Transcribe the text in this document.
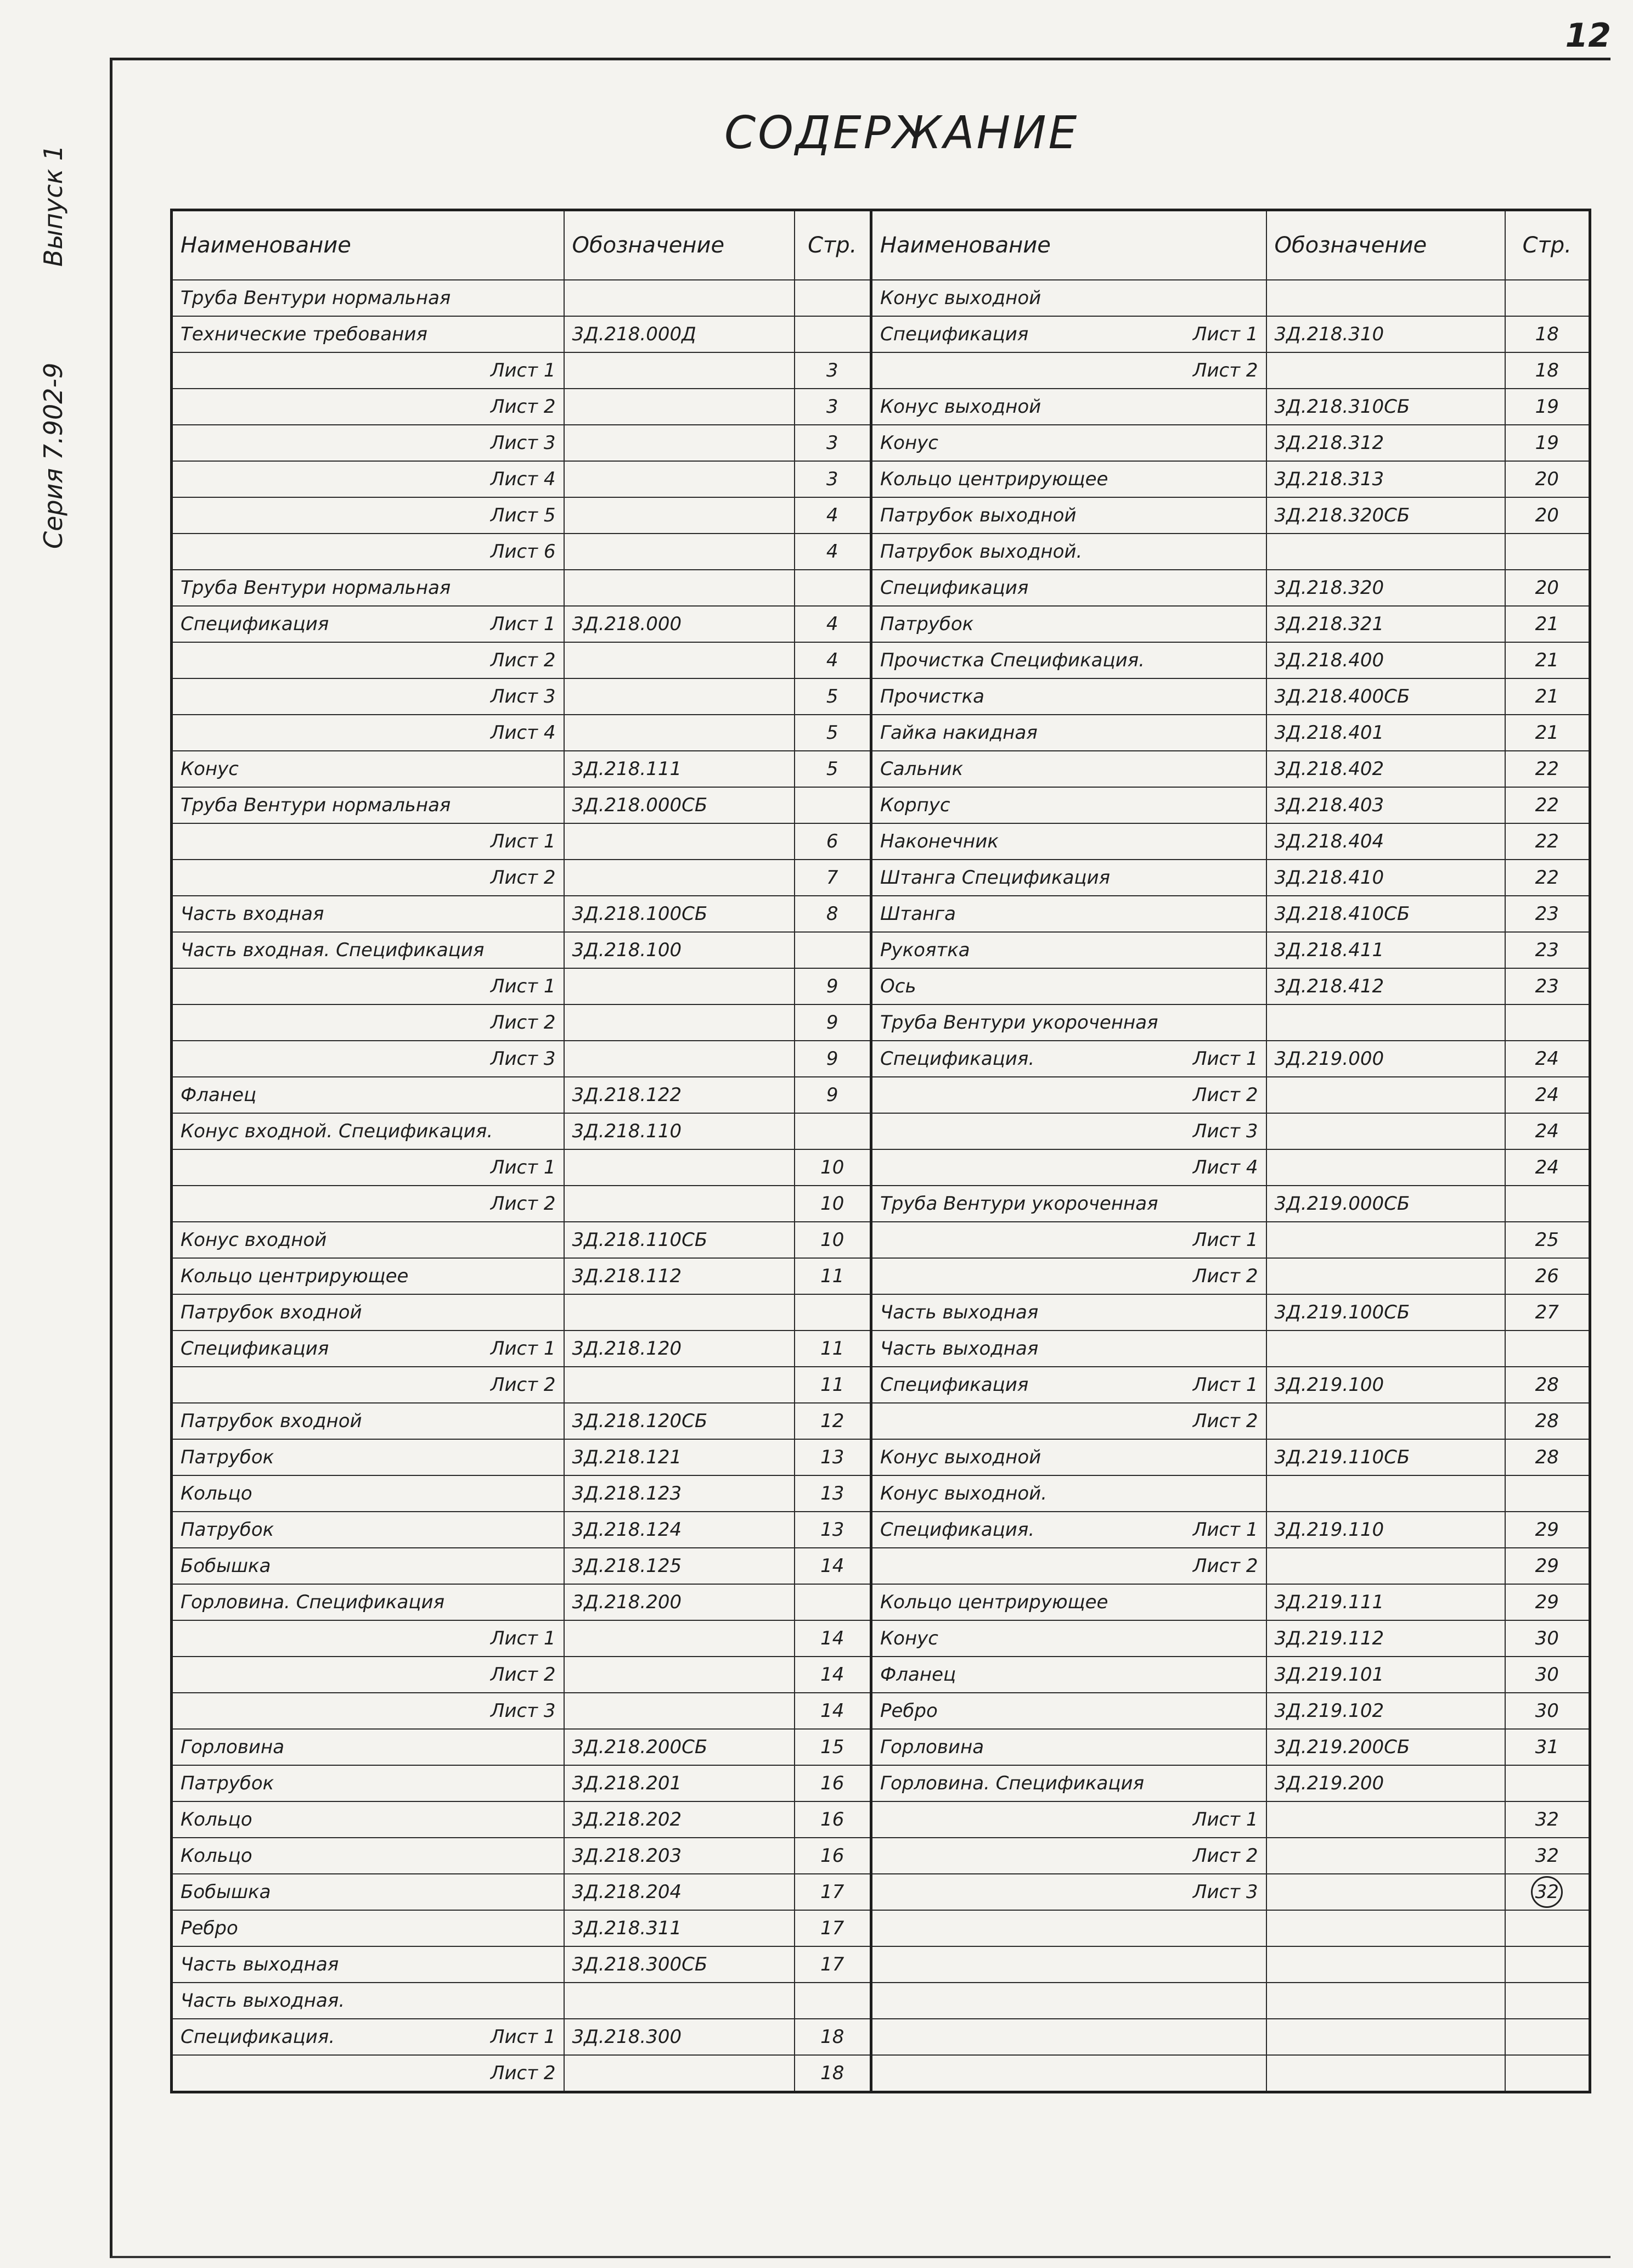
12
Серия 7.902-9 Выпуск 1
СОДЕРЖАНИЕ
Наименование	Обозначение	Стр.	Наименование	Обозначение	Стр.

Труба Вентури нормальная			Конус выходной		

Технические требования	3Д.218.000Д		Спецификация Лист 1	3Д.218.310	18

Лист 1		3	Лист 2		18

Лист 2		3	Конус выходной	3Д.218.310СБ	19

Лист 3		3	Конус	3Д.218.312	19

Лист 4		3	Кольцо центрирующее	3Д.218.313	20

Лист 5		4	Патрубок выходной	3Д.218.320СБ	20

Лист 6		4	Патрубок выходной.		

Труба Вентури нормальная			Спецификация	3Д.218.320	20

Спецификация Лист 1	3Д.218.000	4	Патрубок	3Д.218.321	21

Лист 2		4	Прочистка Спецификация.	3Д.218.400	21

Лист 3		5	Прочистка	3Д.218.400СБ	21

Лист 4		5	Гайка накидная	3Д.218.401	21

Конус	3Д.218.111	5	Сальник	3Д.218.402	22

Труба Вентури нормальная	3Д.218.000СБ		Корпус	3Д.218.403	22

Лист 1		6	Наконечник	3Д.218.404	22

Лист 2		7	Штанга Спецификация	3Д.218.410	22

Часть входная	3Д.218.100СБ	8	Штанга	3Д.218.410СБ	23

Часть входная. Спецификация	3Д.218.100		Рукоятка	3Д.218.411	23

Лист 1		9	Ось	3Д.218.412	23

Лист 2		9	Труба Вентури укороченная		

Лист 3		9	Спецификация. Лист 1	3Д.219.000	24

Фланец	3Д.218.122	9	Лист 2		24

Конус входной. Спецификация.	3Д.218.110		Лист 3		24

Лист 1		10	Лист 4		24

Лист 2		10	Труба Вентури укороченная	3Д.219.000СБ	

Конус входной	3Д.218.110СБ	10	Лист 1		25

Кольцо центрирующее	3Д.218.112	11	Лист 2		26

Патрубок входной			Часть выходная	3Д.219.100СБ	27

Спецификация Лист 1	3Д.218.120	11	Часть выходная		

Лист 2		11	Спецификация Лист 1	3Д.219.100	28

Патрубок входной	3Д.218.120СБ	12	Лист 2		28

Патрубок	3Д.218.121	13	Конус выходной	3Д.219.110СБ	28

Кольцо	3Д.218.123	13	Конус выходной.		

Патрубок	3Д.218.124	13	Спецификация. Лист 1	3Д.219.110	29

Бобышка	3Д.218.125	14	Лист 2		29

Горловина. Спецификация	3Д.218.200		Кольцо центрирующее	3Д.219.111	29

Лист 1		14	Конус	3Д.219.112	30

Лист 2		14	Фланец	3Д.219.101	30

Лист 3		14	Ребро	3Д.219.102	30

Горловина	3Д.218.200СБ	15	Горловина	3Д.219.200СБ	31

Патрубок	3Д.218.201	16	Горловина. Спецификация	3Д.219.200	

Кольцо	3Д.218.202	16	Лист 1		32

Кольцо	3Д.218.203	16	Лист 2		32

Бобышка	3Д.218.204	17	Лист 3		32

Ребро	3Д.218.311	17	

Часть выходная	3Д.218.300СБ	17	

Часть выходная.					

Спецификация. Лист 1	3Д.218.300	18	

Лист 2		18	
